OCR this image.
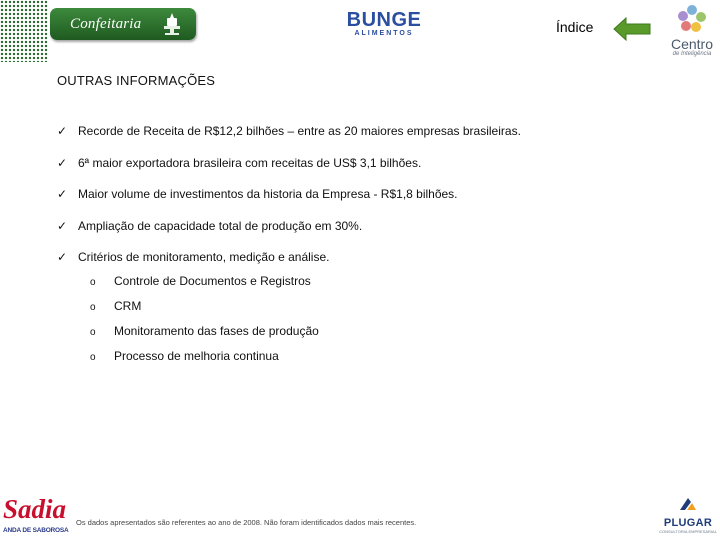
Confeitaria	BUNGE
ALIMENTOS	Índice
Centro
de Inteligência
OUTRAS INFORMAÇÕES
✓ Recorde de Receita de R$12,2 bilhões – entre as 20 maiores empresas brasileiras.
✓ 6ª maior exportadora brasileira com receitas de US$ 3,1 bilhões.
✓ Maior volume de investimentos da historia da Empresa - R$1,8 bilhões.
✓ Ampliação de capacidade total de produção em 30%.
✓ Critérios de monitoramento, medição e análise.
o	Controle de Documentos e Registros
o	CRM
o	Monitoramento das fases de produção
o	Processo de melhoria continua
Sadia
ANDA DE SABOROSA
Os dados apresentados são referentes ao ano de 2008. Não foram identificados dados mais recentes.	PLUGAR
CONSULTORIA EMPRESARIAL
